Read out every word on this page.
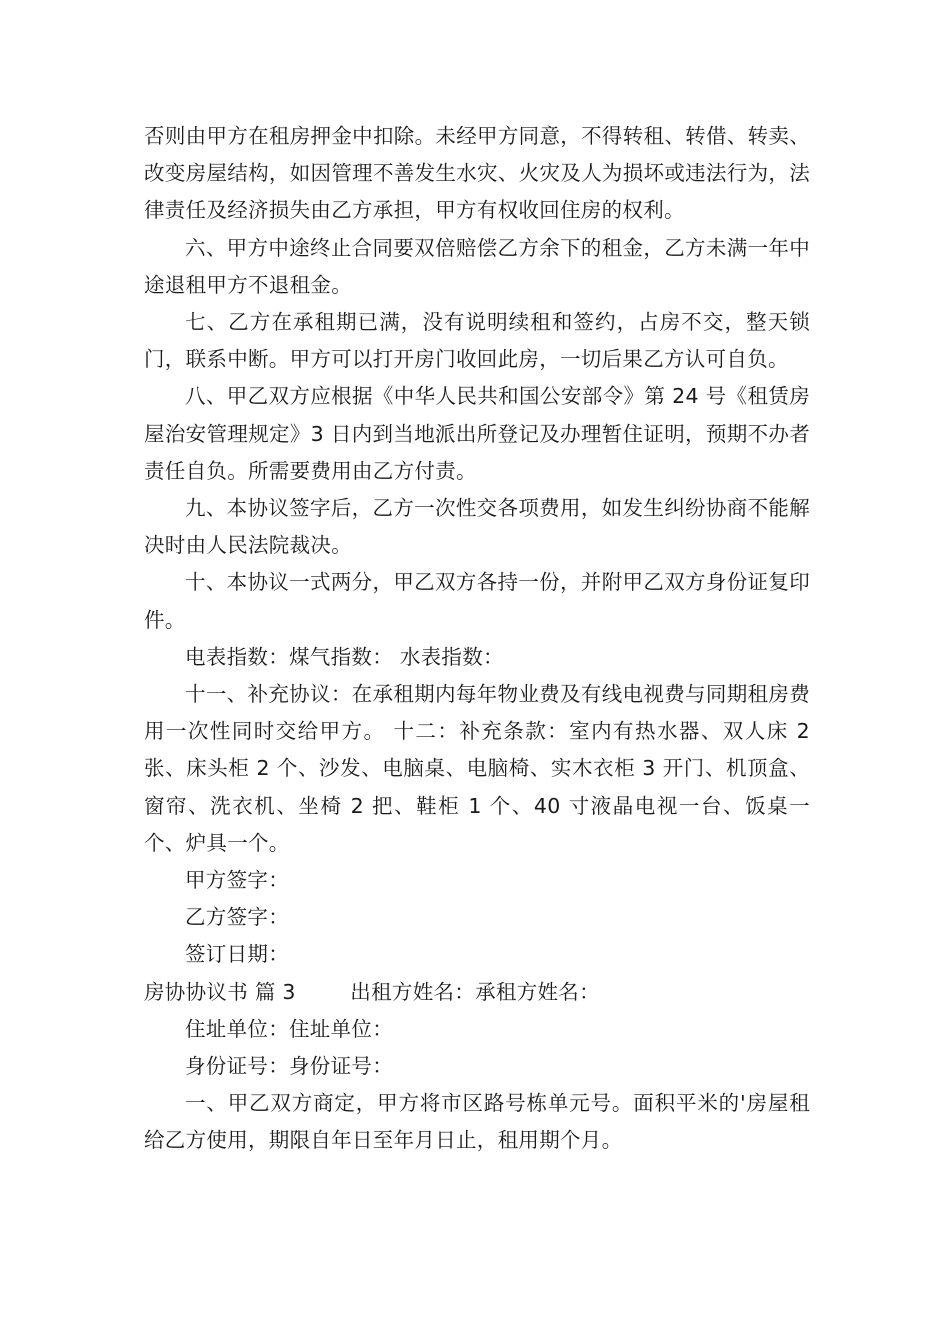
否则由甲方在租房押金中扣除。未经甲方同意，不得转租、转借、转卖、改变房屋结构，如因管理不善发生水灾、火灾及人为损坏或违法行为，法律责任及经济损失由乙方承担，甲方有权收回住房的权利。

六、甲方中途终止合同要双倍赔偿乙方余下的租金，乙方未满一年中途退租甲方不退租金。

七、乙方在承租期已满，没有说明续租和签约，占房不交，整天锁门，联系中断。甲方可以打开房门收回此房，一切后果乙方认可自负。

八、甲乙双方应根据《中华人民共和国公安部令》第 24 号《租赁房屋治安管理规定》3 日内到当地派出所登记及办理暂住证明，预期不办者责任自负。所需要费用由乙方付责。

九、本协议签字后，乙方一次性交各项费用，如发生纠纷协商不能解决时由人民法院裁决。

十、本协议一式两分，甲乙双方各持一份，并附甲乙双方身份证复印件。

电表指数：煤气指数： 水表指数：

十一、补充协议：在承租期内每年物业费及有线电视费与同期租房费用一次性同时交给甲方。 十二：补充条款：室内有热水器、双人床 2 张、床头柜 2 个、沙发、电脑桌、电脑椅、实木衣柜 3 开门、机顶盒、窗帘、洗衣机、坐椅 2 把、鞋柜 1 个、40 寸液晶电视一台、饭桌一个、炉具一个。

甲方签字：

乙方签字：

签订日期：

房协协议书 篇 3        出租方姓名：承租方姓名：

住址单位：住址单位：

身份证号：身份证号：

一、甲乙双方商定，甲方将市区路号栋单元号。面积平米的'房屋租给乙方使用，期限自年日至年月日止，租用期个月。
